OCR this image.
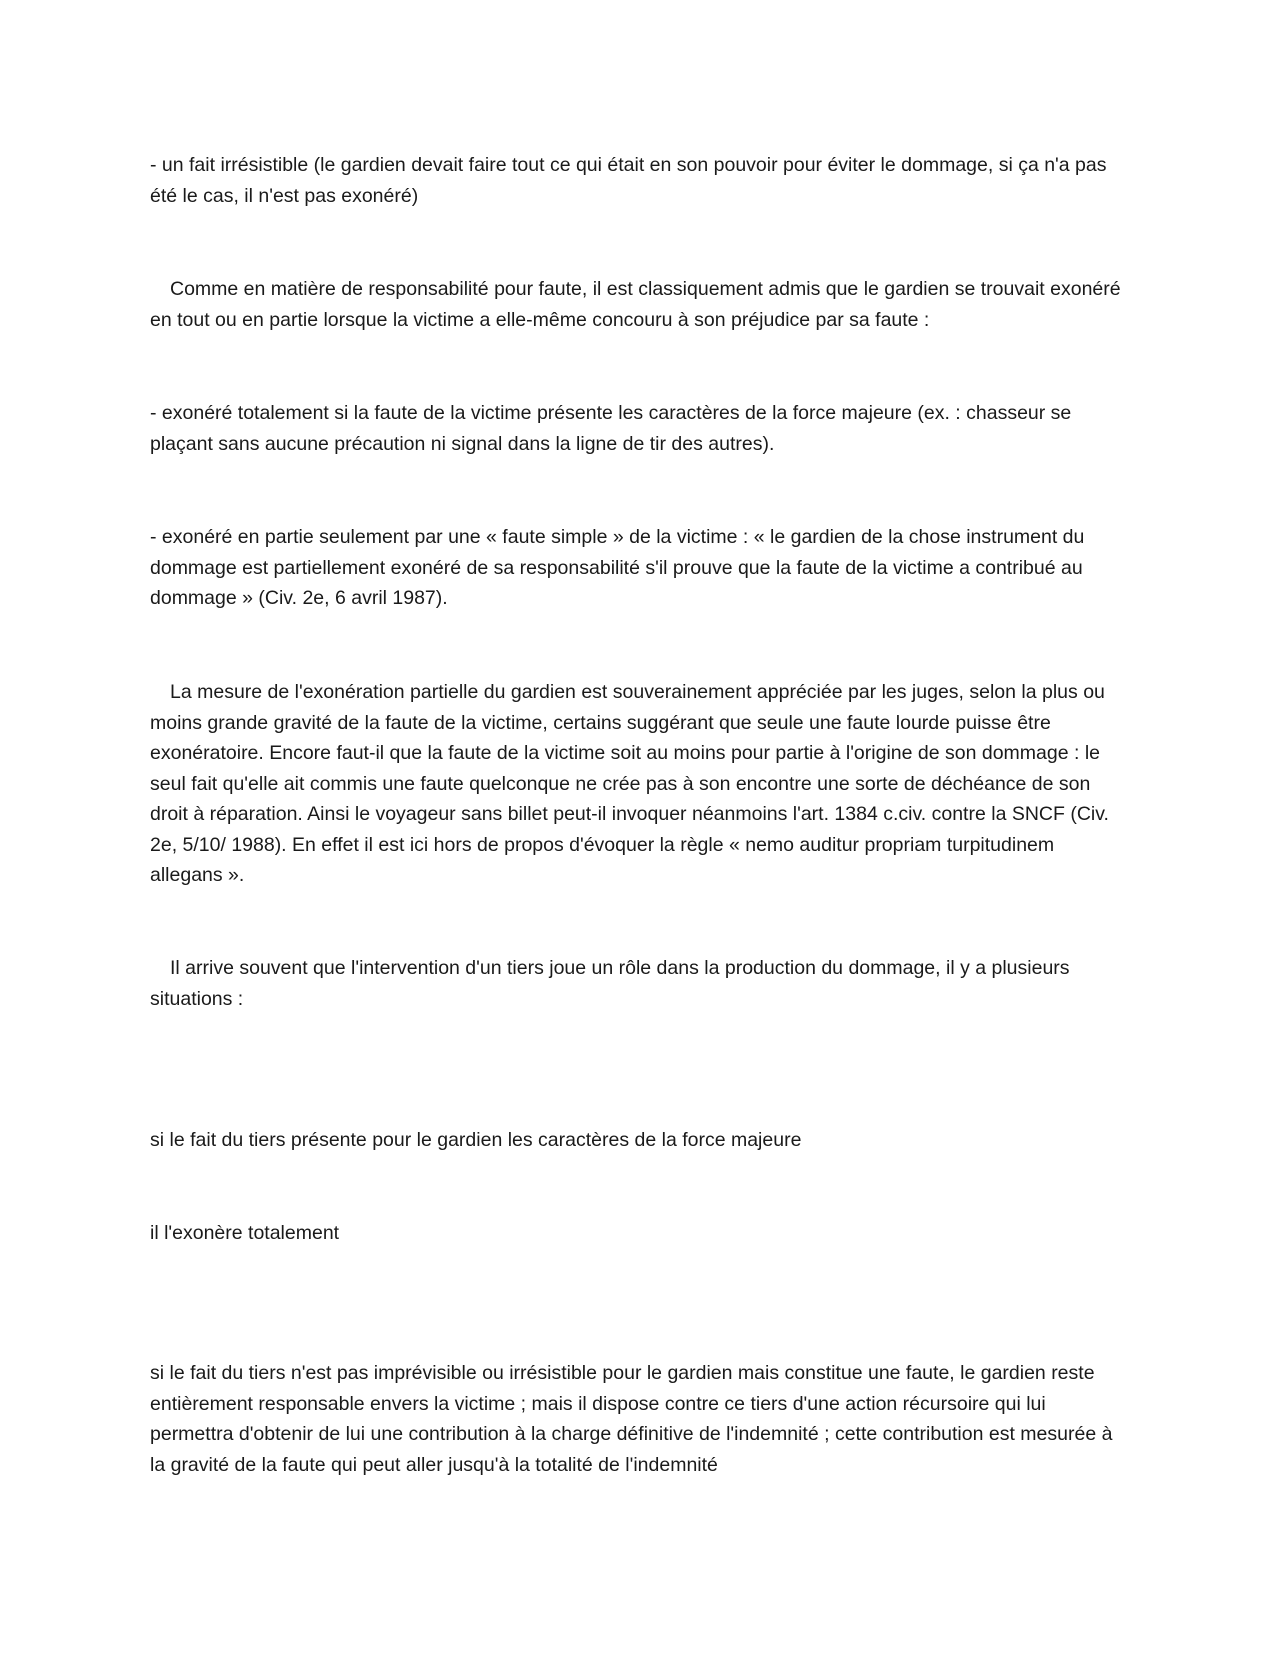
- un fait irrésistible (le gardien devait faire tout ce qui était en son pouvoir pour éviter le dommage, si ça n'a pas été le cas, il n'est pas exonéré)

Comme en matière de responsabilité pour faute, il est classiquement admis que le gardien se trouvait exonéré en tout ou en partie lorsque la victime a elle-même concouru à son préjudice par sa faute :

- exonéré totalement si la faute de la victime présente les caractères de la force majeure (ex. : chasseur se plaçant sans aucune précaution ni signal dans la ligne de tir des autres).

- exonéré en partie seulement par une « faute simple » de la victime : « le gardien de la chose instrument du dommage est partiellement exonéré de sa responsabilité s'il prouve que la faute de la victime a contribué au dommage » (Civ. 2e, 6 avril 1987).

La mesure de l'exonération partielle du gardien est souverainement appréciée par les juges, selon la plus ou moins grande gravité de la faute de la victime, certains suggérant que seule une faute lourde puisse être exonératoire. Encore faut-il que la faute de la victime soit au moins pour partie à l'origine de son dommage : le seul fait qu'elle ait commis une faute quelconque ne crée pas à son encontre une sorte de déchéance de son droit à réparation. Ainsi le voyageur sans billet peut-il invoquer néanmoins l'art. 1384 c.civ. contre la SNCF (Civ. 2e, 5/10/ 1988). En effet il est ici hors de propos d'évoquer la règle « nemo auditur propriam turpitudinem allegans ».

Il arrive souvent que l'intervention d'un tiers joue un rôle dans la production du dommage, il y a plusieurs situations :

si le fait du tiers présente pour le gardien les caractères de la force majeure

il l'exonère totalement

si le fait du tiers n'est pas imprévisible ou irrésistible pour le gardien mais constitue une faute, le gardien reste entièrement responsable envers la victime ; mais il dispose contre ce tiers d'une action récursoire qui lui permettra d'obtenir de lui une contribution à la charge définitive de l'indemnité ; cette contribution est mesurée à la gravité de la faute qui peut aller jusqu'à la totalité de l'indemnité
